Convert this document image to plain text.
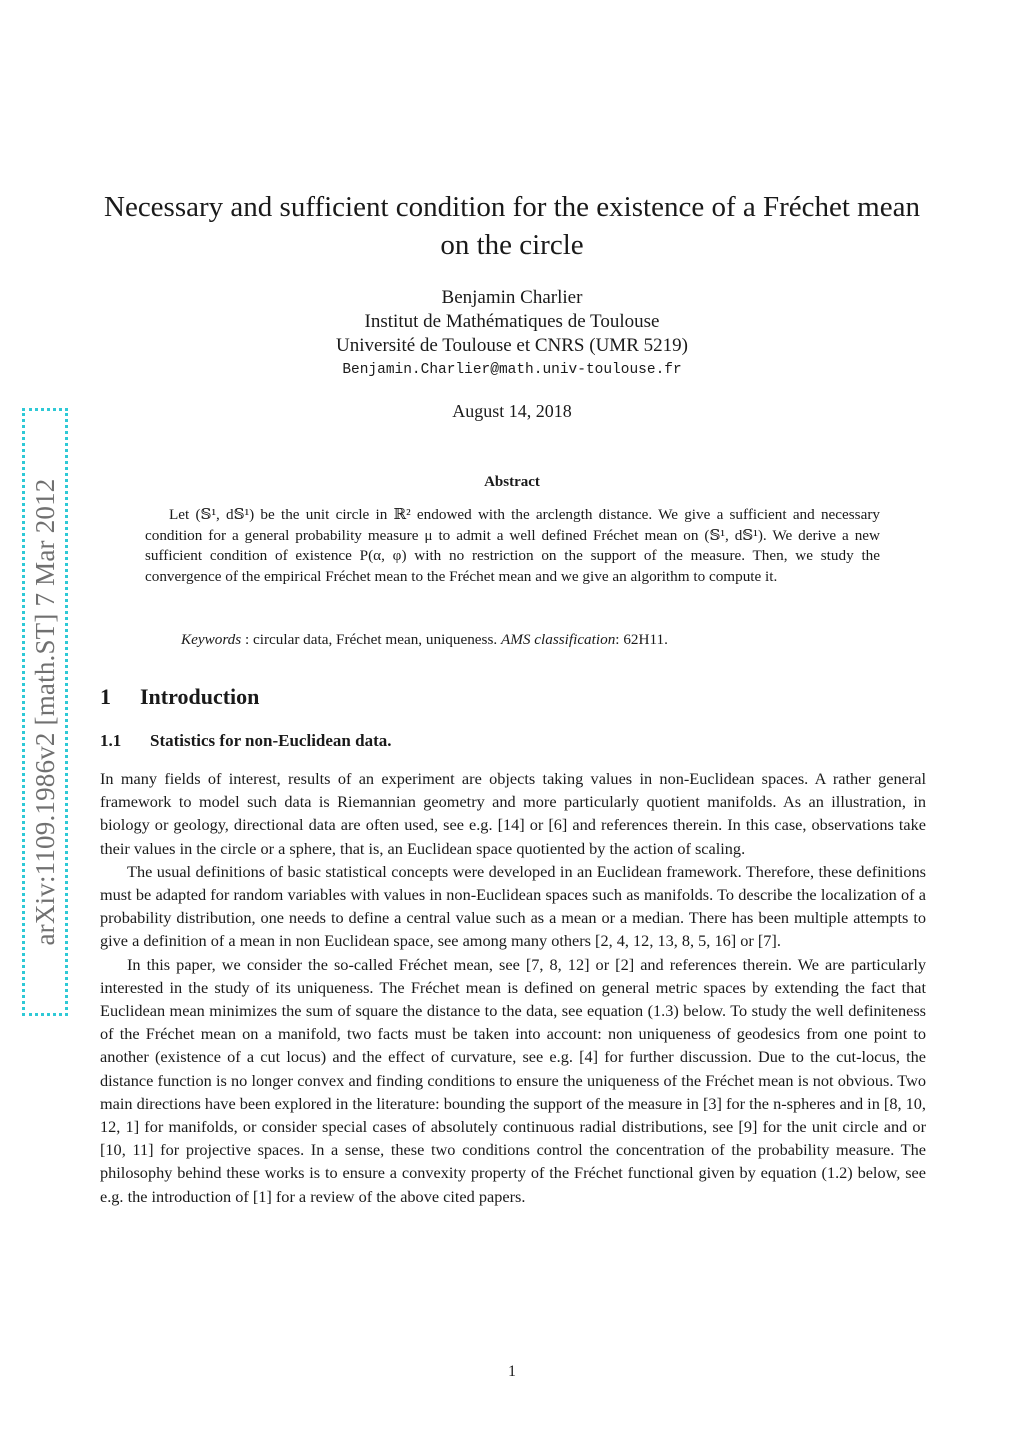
arXiv:1109.1986v2 [math.ST] 7 Mar 2012
Necessary and sufficient condition for the existence of a Fréchet mean
on the circle
Benjamin Charlier
Institut de Mathématiques de Toulouse
Université de Toulouse et CNRS (UMR 5219)
Benjamin.Charlier@math.univ-toulouse.fr
August 14, 2018
Abstract
Let (𝕊¹, d𝕊¹) be the unit circle in ℝ² endowed with the arclength distance. We give a sufficient and necessary condition for a general probability measure μ to admit a well defined Fréchet mean on (𝕊¹, d𝕊¹). We derive a new sufficient condition of existence P(α, φ) with no restriction on the support of the measure. Then, we study the convergence of the empirical Fréchet mean to the Fréchet mean and we give an algorithm to compute it.
Keywords : circular data, Fréchet mean, uniqueness. AMS classification: 62H11.
1 Introduction
1.1 Statistics for non-Euclidean data.

In many fields of interest, results of an experiment are objects taking values in non-Euclidean spaces. A rather general framework to model such data is Riemannian geometry and more particularly quotient manifolds. As an illustration, in biology or geology, directional data are often used, see e.g. [14] or [6] and references therein. In this case, observations take their values in the circle or a sphere, that is, an Euclidean space quotiented by the action of scaling.

The usual definitions of basic statistical concepts were developed in an Euclidean framework. Therefore, these definitions must be adapted for random variables with values in non-Euclidean spaces such as manifolds. To describe the localization of a probability distribution, one needs to define a central value such as a mean or a median. There has been multiple attempts to give a definition of a mean in non Euclidean space, see among many others [2, 4, 12, 13, 8, 5, 16] or [7].

In this paper, we consider the so-called Fréchet mean, see [7, 8, 12] or [2] and references therein. We are particularly interested in the study of its uniqueness. The Fréchet mean is defined on general metric spaces by extending the fact that Euclidean mean minimizes the sum of square the distance to the data, see equation (1.3) below. To study the well definiteness of the Fréchet mean on a manifold, two facts must be taken into account: non uniqueness of geodesics from one point to another (existence of a cut locus) and the effect of curvature, see e.g. [4] for further discussion. Due to the cut-locus, the distance function is no longer convex and finding conditions to ensure the uniqueness of the Fréchet mean is not obvious. Two main directions have been explored in the literature: bounding the support of the measure in [3] for the n-spheres and in [8, 10, 12, 1] for manifolds, or consider special cases of absolutely continuous radial distributions, see [9] for the unit circle and or [10, 11] for projective spaces. In a sense, these two conditions control the concentration of the probability measure. The philosophy behind these works is to ensure a convexity property of the Fréchet functional given by equation (1.2) below, see e.g. the introduction of [1] for a review of the above cited papers.

1
